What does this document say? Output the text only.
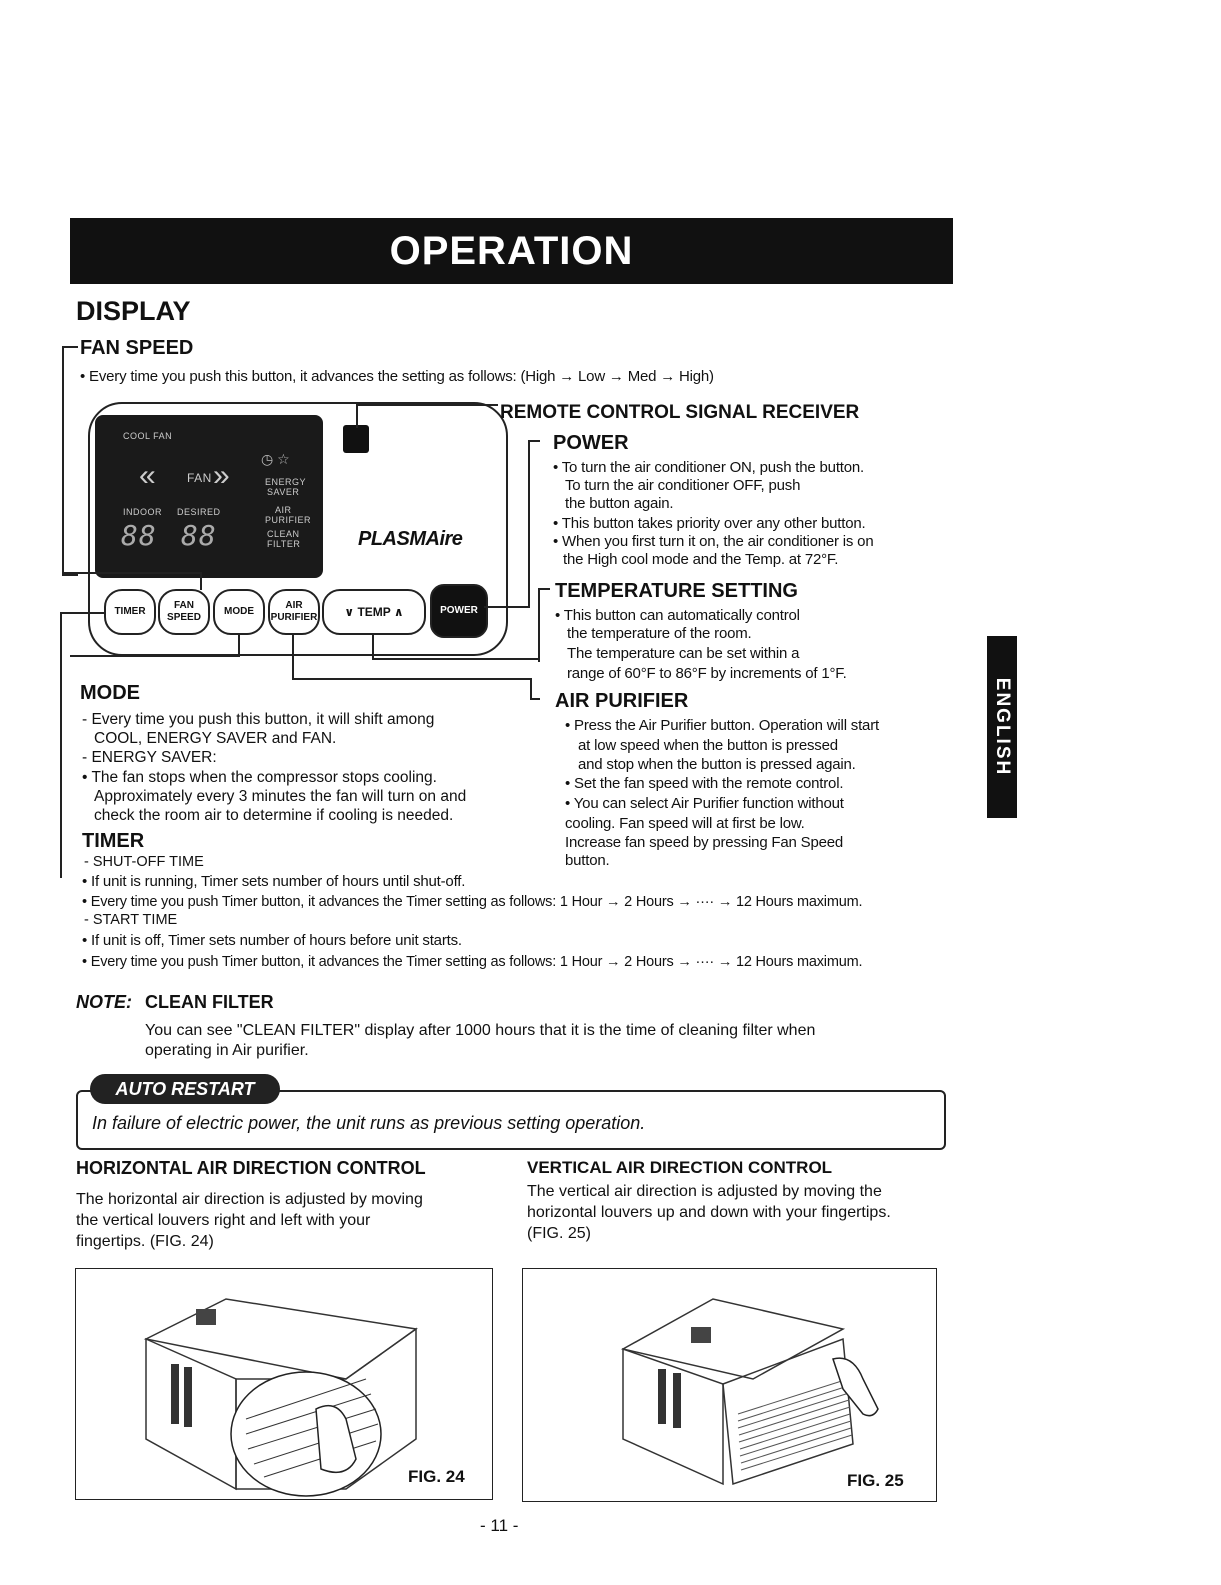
OPERATION
DISPLAY
FAN SPEED
• Every time you push this button, it advances the setting as follows: (High → Low → Med → High)
COOL FAN
«	FAN » ◷ ☆
ENERGY
SAVER
INDOOR DESIRED	AIR
PURIFIER
88 88	CLEAN
FILTER	PLASMAire
TIMER
FAN
SPEED
MODE
AIR
PURIFIER ∨ TEMP ∧	POWER
REMOTE CONTROL SIGNAL RECEIVER
POWER
• To turn the air conditioner ON, push the button.
To turn the air conditioner OFF, push
the button again.
• This button takes priority over any other button.
• When you first turn it on, the air conditioner is on
the High cool mode and the Temp. at 72°F.
TEMPERATURE SETTING
• This button can automatically control
the temperature of the room.
The temperature can be set within a
range of 60°F to 86°F by increments of 1°F.
AIR PURIFIER
• Press the Air Purifier button. Operation will start
at low speed when the button is pressed
and stop when the button is pressed again.
• Set the fan speed with the remote control.
• You can select Air Purifier function without
cooling. Fan speed will at first be low.
Increase fan speed by pressing Fan Speed
button.
MODE
- Every time you push this button, it will shift among
COOL, ENERGY SAVER and FAN.
- ENERGY SAVER:
• The fan stops when the compressor stops cooling.
Approximately every 3 minutes the fan will turn on and
check the room air to determine if cooling is needed.
TIMER
- SHUT-OFF TIME
• If unit is running, Timer sets number of hours until shut-off.
• Every time you push Timer button, it advances the Timer setting as follows: 1 Hour → 2 Hours → ···· → 12 Hours maximum.
- START TIME
• If unit is off, Timer sets number of hours before unit starts.
• Every time you push Timer button, it advances the Timer setting as follows: 1 Hour → 2 Hours → ···· → 12 Hours maximum.
NOTE: CLEAN FILTER
You can see "CLEAN FILTER" display after 1000 hours that it is the time of cleaning filter when
operating in Air purifier.
AUTO RESTART
In failure of electric power, the unit runs as previous setting operation.
HORIZONTAL AIR DIRECTION CONTROL
The horizontal air direction is adjusted by moving
the vertical louvers right and left with your
fingertips. (FIG. 24)
VERTICAL AIR DIRECTION CONTROL
The vertical air direction is adjusted by moving the
horizontal louvers up and down with your fingertips.
(FIG. 25)
FIG. 24	FIG. 25
- 11 -
ENGLISH
